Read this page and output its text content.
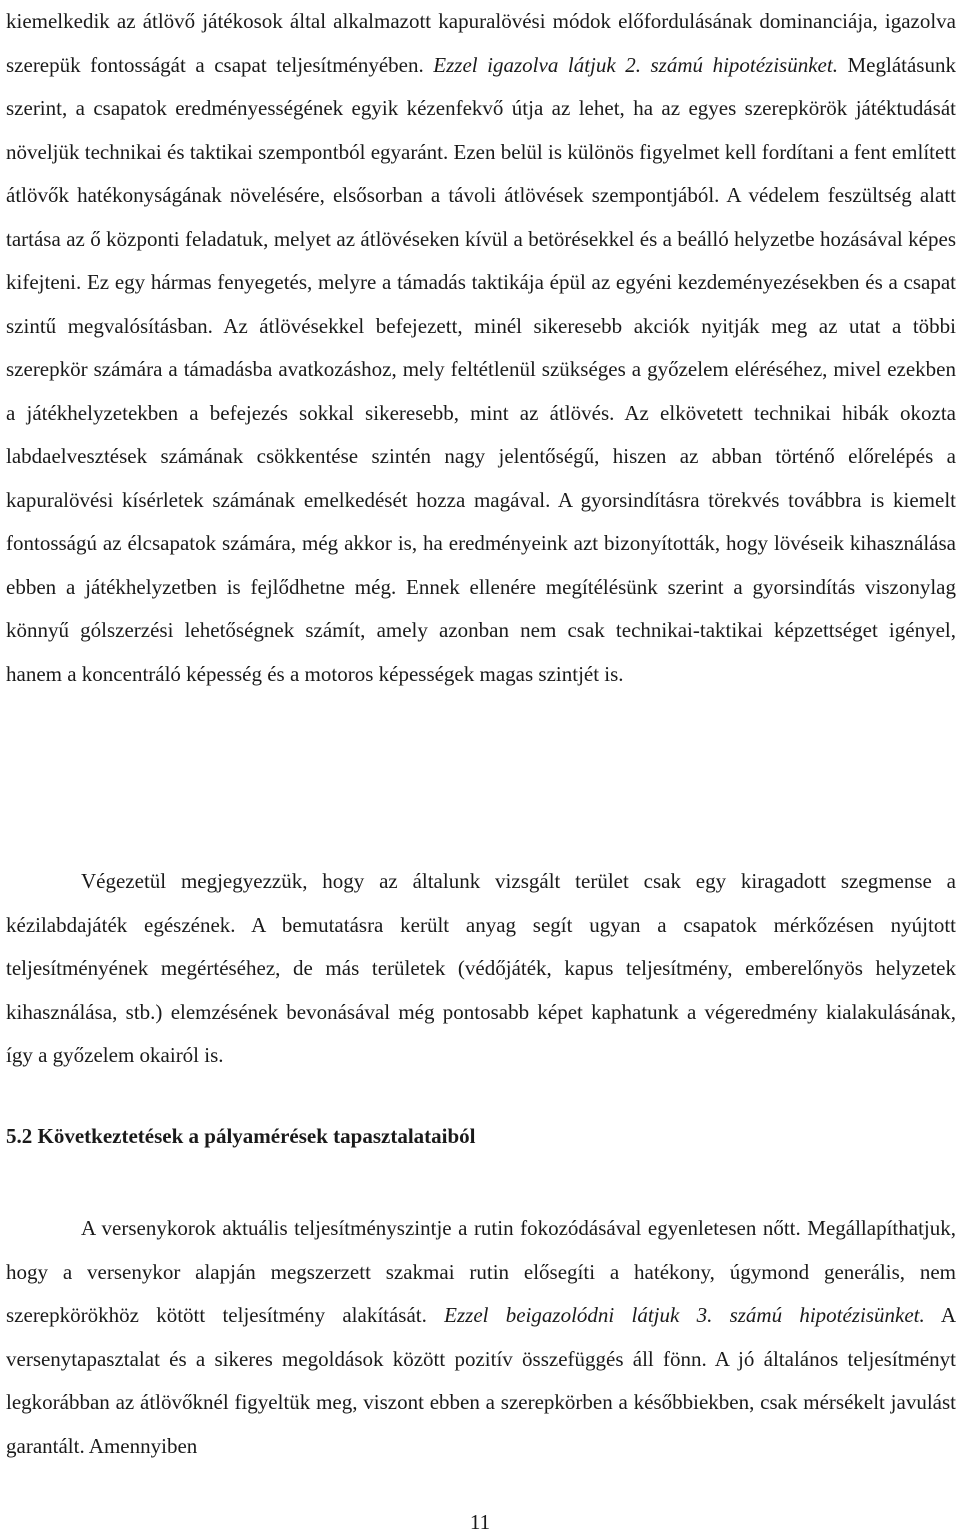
kiemelkedik az átlövő játékosok által alkalmazott kapuralövési módok előfordulásának dominanciája, igazolva szerepük fontosságát a csapat teljesítményében. Ezzel igazolva látjuk 2. számú hipotézisünket. Meglátásunk szerint, a csapatok eredményességének egyik kézenfekvő útja az lehet, ha az egyes szerepkörök játéktudását növeljük technikai és taktikai szempontból egyaránt. Ezen belül is különös figyelmet kell fordítani a fent említett átlövők hatékonyságának növelésére, elsősorban a távoli átlövések szempontjából. A védelem feszültség alatt tartása az ő központi feladatuk, melyet az átlövéseken kívül a betörésekkel és a beálló helyzetbe hozásával képes kifejteni. Ez egy hármas fenyegetés, melyre a támadás taktikája épül az egyéni kezdeményezésekben és a csapat szintű megvalósításban. Az átlövésekkel befejezett, minél sikeresebb akciók nyitják meg az utat a többi szerepkör számára a támadásba avatkozáshoz, mely feltétlenül szükséges a győzelem eléréséhez, mivel ezekben a játékhelyzetekben a befejezés sokkal sikeresebb, mint az átlövés. Az elkövetett technikai hibák okozta labdaelvesztések számának csökkentése szintén nagy jelentőségű, hiszen az abban történő előrelépés a kapuralövési kísérletek számának emelkedését hozza magával. A gyorsindításra törekvés továbbra is kiemelt fontosságú az élcsapatok számára, még akkor is, ha eredményeink azt bizonyították, hogy lövéseik kihasználása ebben a játékhelyzetben is fejlődhetne még. Ennek ellenére megítélésünk szerint a gyorsindítás viszonylag könnyű gólszerzési lehetőségnek számít, amely azonban nem csak technikai-taktikai képzettséget igényel, hanem a koncentráló képesség és a motoros képességek magas szintjét is.

Végezetül megjegyezzük, hogy az általunk vizsgált terület csak egy kiragadott szegmense a kézilabdajáték egészének. A bemutatásra került anyag segít ugyan a csapatok mérkőzésen nyújtott teljesítményének megértéséhez, de más területek (védőjáték, kapus teljesítmény, emberelőnyös helyzetek kihasználása, stb.) elemzésének bevonásával még pontosabb képet kaphatunk a végeredmény kialakulásának, így a győzelem okairól is.

5.2 Következtetések a pályamérések tapasztalataiból

A versenykorok aktuális teljesítményszintje a rutin fokozódásával egyenletesen nőtt. Megállapíthatjuk, hogy a versenykor alapján megszerzett szakmai rutin elősegíti a hatékony, úgymond generális, nem szerepkörökhöz kötött teljesítmény alakítását. Ezzel beigazolódni látjuk 3. számú hipotézisünket. A versenytapasztalat és a sikeres megoldások között pozitív összefüggés áll fönn. A jó általános teljesítményt legkorábban az átlövőknél figyeltük meg, viszont ebben a szerepkörben a későbbiekben, csak mérsékelt javulást garantált. Amennyiben

11
